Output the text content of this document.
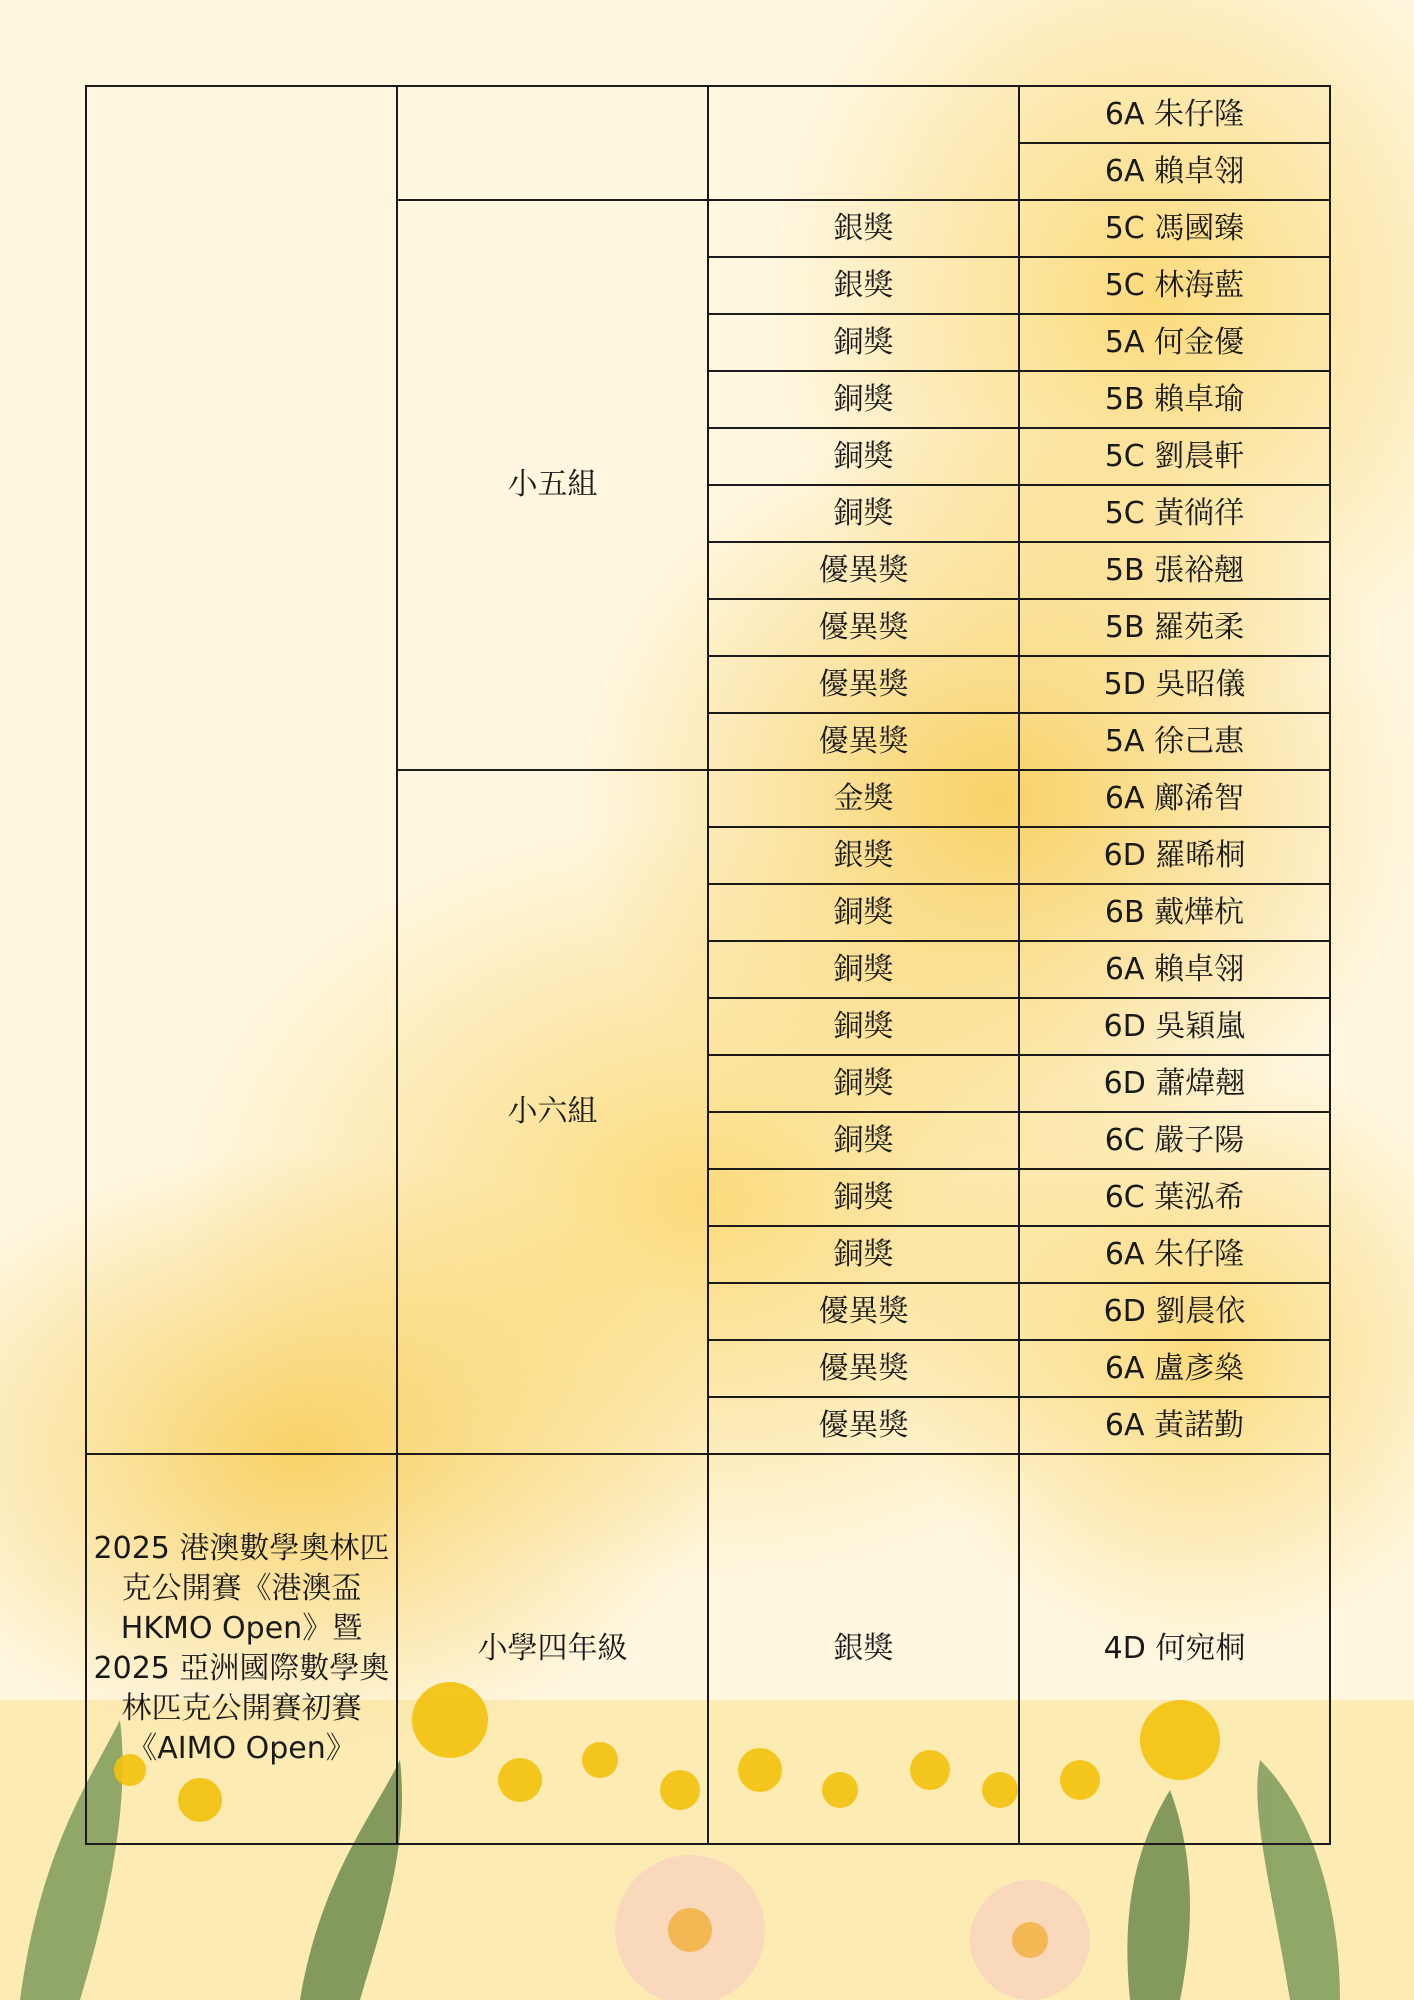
			6A 朱仔隆
			6A 賴卓翎
	小五組	銀獎	5C 馮國臻
		銀獎	5C 林海藍
		銅獎	5A 何金優
		銅獎	5B 賴卓瑜
		銅獎	5C 劉晨軒
		銅獎	5C 黃徜徉
		優異獎	5B 張裕翹
		優異獎	5B 羅苑柔
		優異獎	5D 吳昭儀
		優異獎	5A 徐己惠
	小六組	金獎	6A 鄺浠智
		銀獎	6D 羅晞桐
		銅獎	6B 戴燁杭
		銅獎	6A 賴卓翎
		銅獎	6D 吳穎嵐
		銅獎	6D 蕭煒翹
		銅獎	6C 嚴子陽
		銅獎	6C 葉泓希
		銅獎	6A 朱仔隆
		優異獎	6D 劉晨依
		優異獎	6A 盧彥燊
		優異獎	6A 黃諾勤
2025 港澳數學奧林匹克公開賽《港澳盃 HKMO Open》暨 2025 亞洲國際數學奧林匹克公開賽初賽《AIMO Open》	小學四年級	銀獎	4D 何宛桐
